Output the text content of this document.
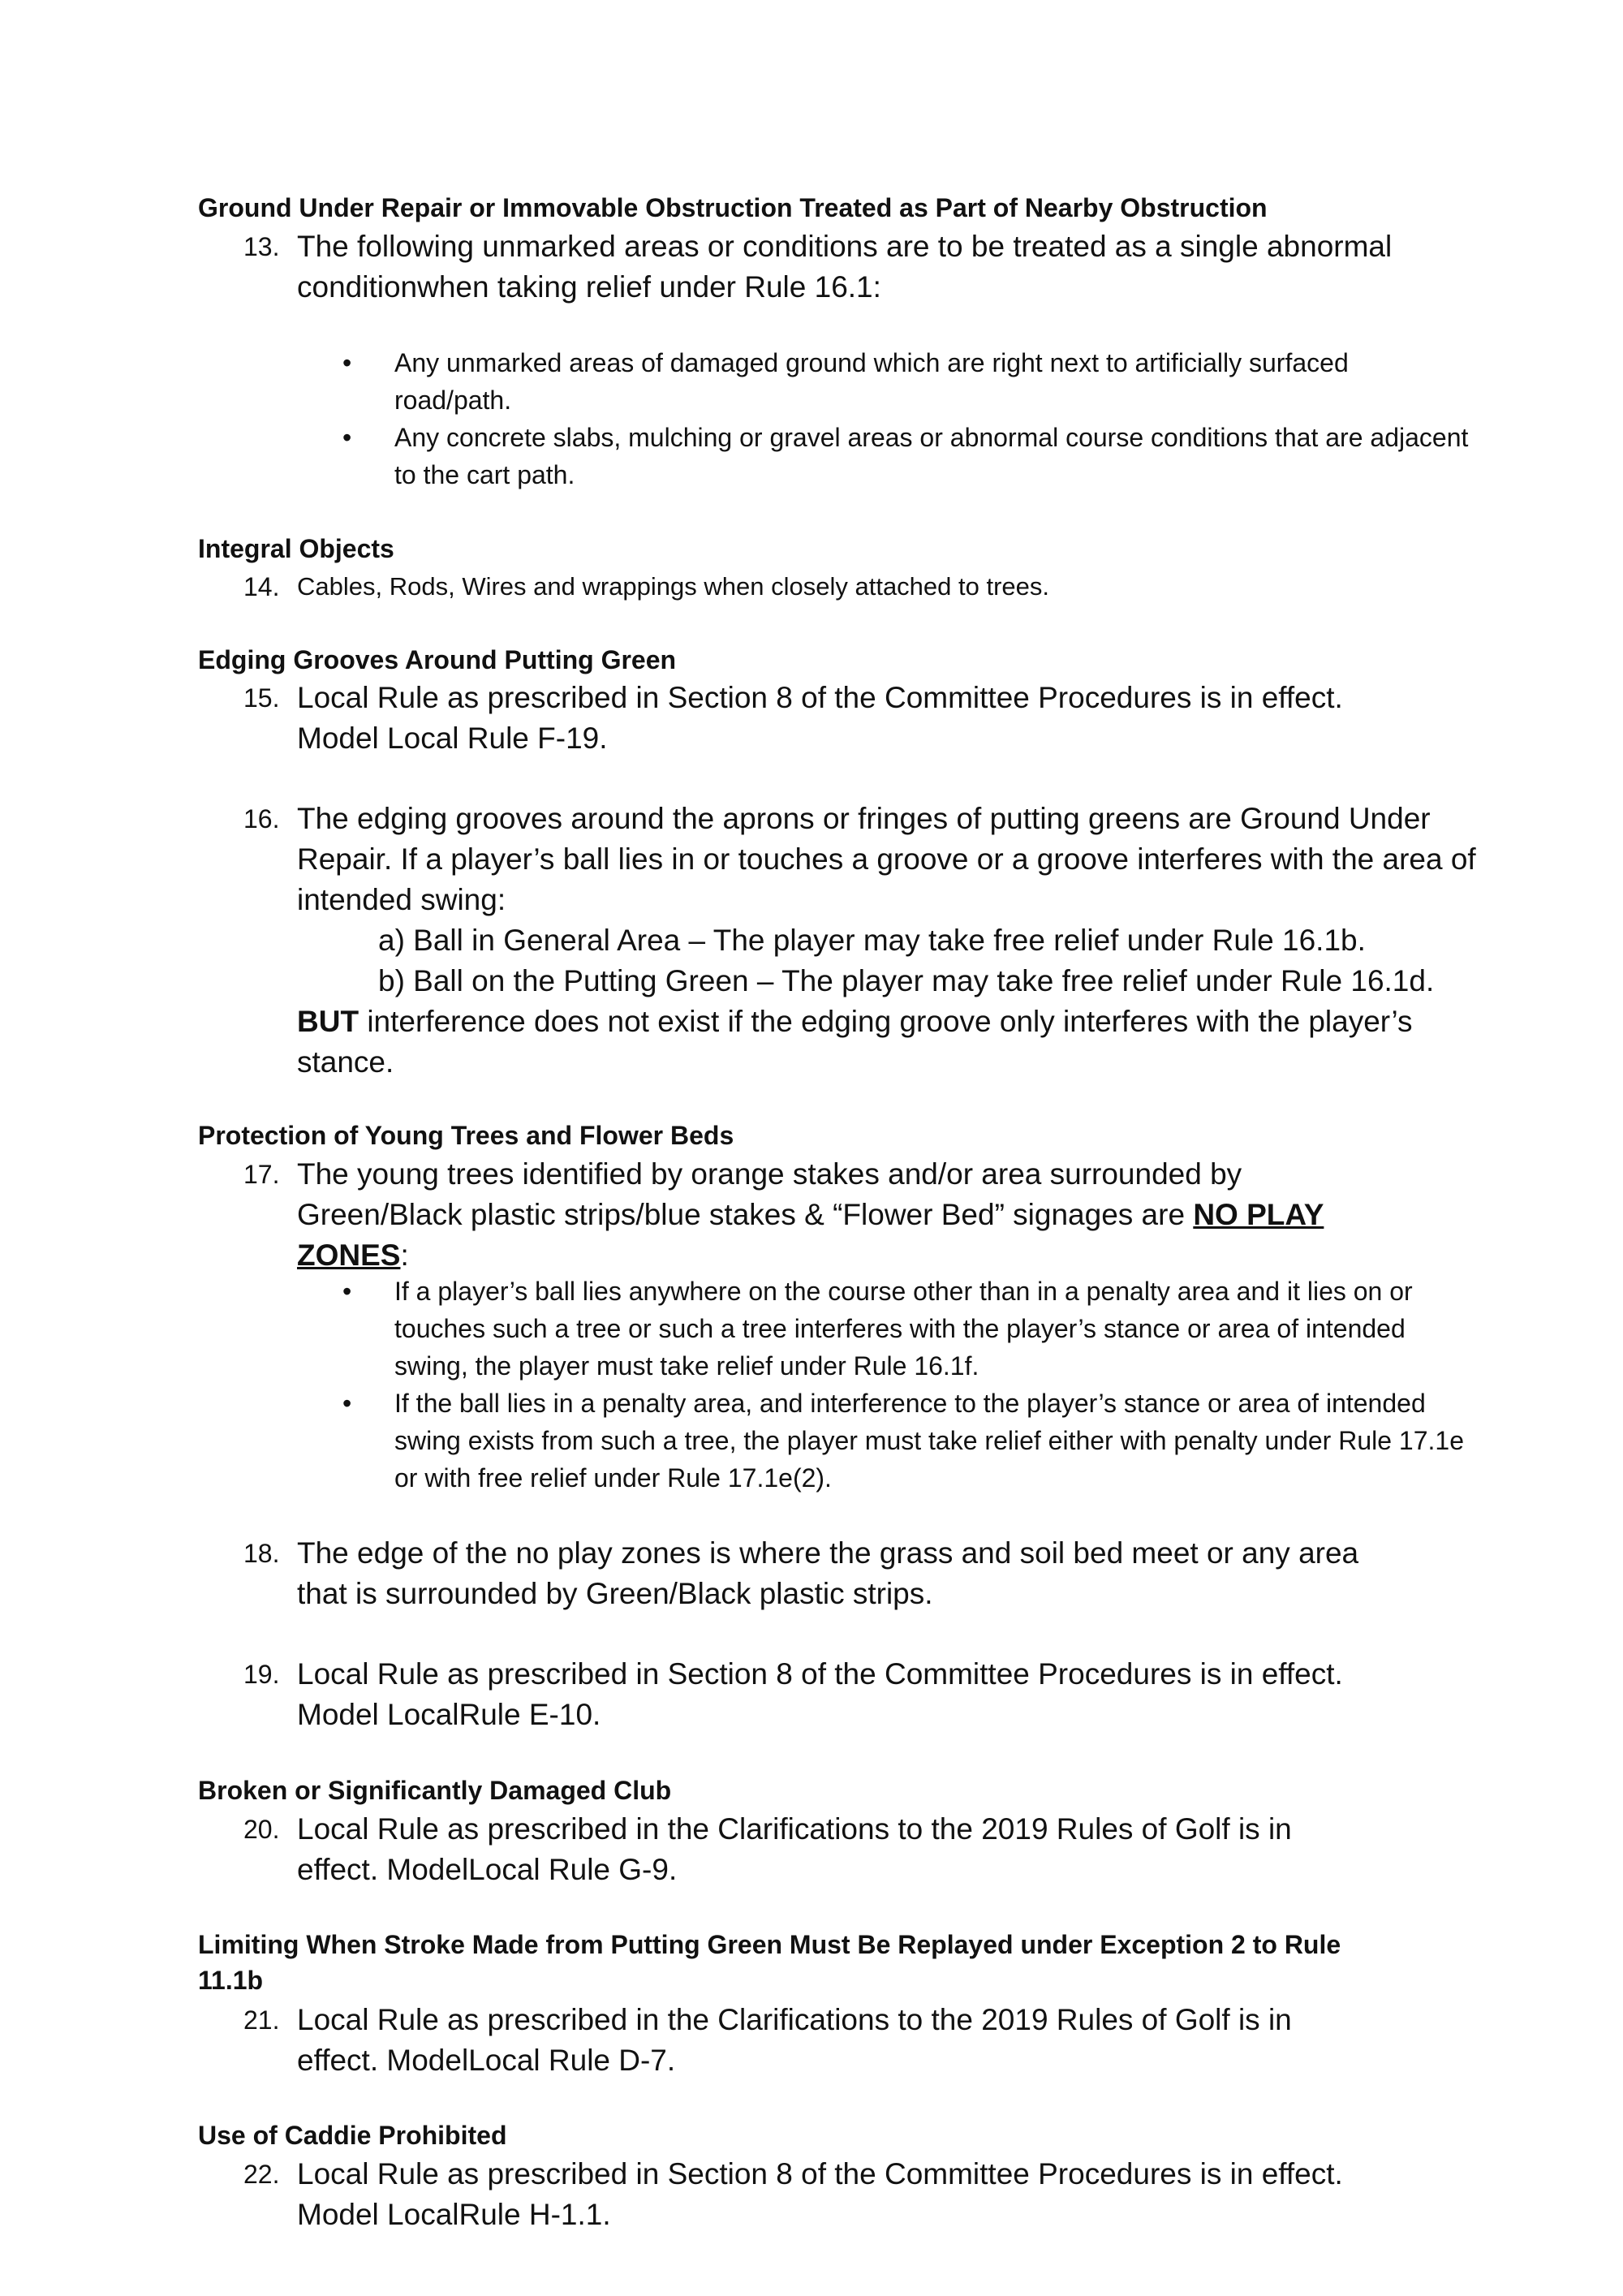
Ground Under Repair or Immovable Obstruction Treated as Part of Nearby Obstruction
13. The following unmarked areas or conditions are to be treated as a single abnormal conditionwhen taking relief under Rule 16.1:
• Any unmarked areas of damaged ground which are right next to artificially surfaced road/path.
• Any concrete slabs, mulching or gravel areas or abnormal course conditions that are adjacent to the cart path.
Integral Objects
14. Cables, Rods, Wires and wrappings when closely attached to trees.
Edging Grooves Around Putting Green
15. Local Rule as prescribed in Section 8 of the Committee Procedures is in effect. Model Local Rule F-19.
16. The edging grooves around the aprons or fringes of putting greens are Ground Under Repair. If a player’s ball lies in or touches a groove or a groove interferes with the area of intended swing:
a) Ball in General Area – The player may take free relief under Rule 16.1b.
b) Ball on the Putting Green – The player may take free relief under Rule 16.1d.
BUT interference does not exist if the edging groove only interferes with the player’s stance.
Protection of Young Trees and Flower Beds
17. The young trees identified by orange stakes and/or area surrounded by Green/Black plastic strips/blue stakes & “Flower Bed” signages are NO PLAY ZONES:
• If a player’s ball lies anywhere on the course other than in a penalty area and it lies on or touches such a tree or such a tree interferes with the player’s stance or area of intended swing, the player must take relief under Rule 16.1f.
• If the ball lies in a penalty area, and interference to the player’s stance or area of intended swing exists from such a tree, the player must take relief either with penalty under Rule 17.1e or with free relief under Rule 17.1e(2).
18. The edge of the no play zones is where the grass and soil bed meet or any area that is surrounded by Green/Black plastic strips.
19. Local Rule as prescribed in Section 8 of the Committee Procedures is in effect. Model LocalRule E-10.
Broken or Significantly Damaged Club
20. Local Rule as prescribed in the Clarifications to the 2019 Rules of Golf is in effect. ModelLocal Rule G-9.
Limiting When Stroke Made from Putting Green Must Be Replayed under Exception 2 to Rule 11.1b
21. Local Rule as prescribed in the Clarifications to the 2019 Rules of Golf is in effect. ModelLocal Rule D-7.
Use of Caddie Prohibited
22. Local Rule as prescribed in Section 8 of the Committee Procedures is in effect. Model LocalRule H-1.1.
